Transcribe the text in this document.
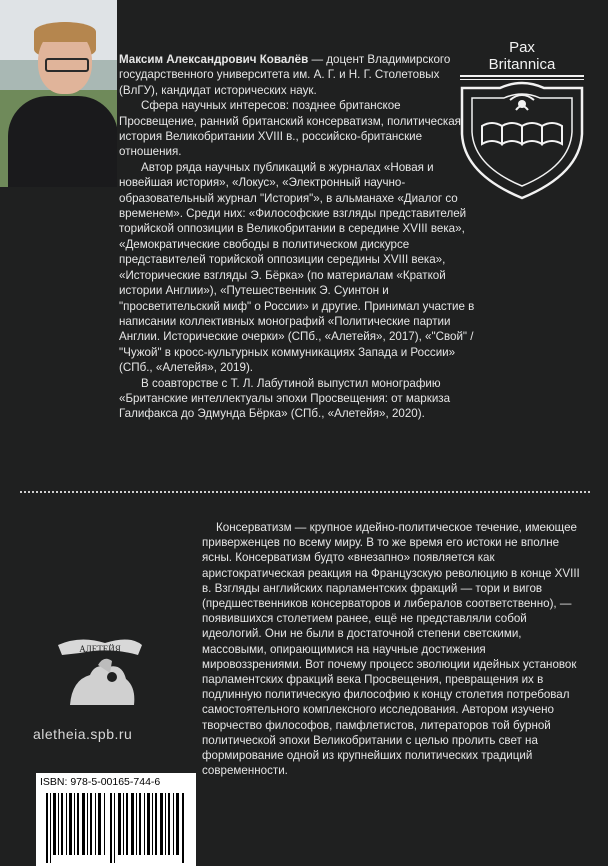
Максим Александрович Ковалёв — доцент Владимирского государственного университета им. А. Г. и Н. Г. Столетовых (ВлГУ), кандидат исторических наук.

Сфера научных интересов: позднее британское Просвещение, ранний британский консерватизм, политическая история Великобритании XVIII в., российско-британские отношения.

Автор ряда научных публикаций в журналах «Новая и новейшая история», «Локус», «Электронный научно-образовательный журнал "История"», в альманахе «Диалог со временем». Среди них: «Философские взгляды представителей торийской оппозиции в Великобритании в середине XVIII века», «Демократические свободы в политическом дискурсе представителей торийской оппозиции середины XVIII века», «Исторические взгляды Э. Бёрка» (по материалам «Краткой истории Англии»), «Путешественник Э. Суинтон и "просветительский миф" о России» и другие. Принимал участие в написании коллективных монографий «Политические партии Англии. Исторические очерки» (СПб., «Алетейя», 2017), «"Свой" / "Чужой" в кросс-культурных коммуникациях Запада и России» (СПб., «Алетейя», 2019).

В соавторстве с Т. Л. Лабутиной выпустил монографию «Британские интеллектуалы эпохи Просвещения: от маркиза Галифакса до Эдмунда Бёрка» (СПб., «Алетейя», 2020).

Pax
Britannica

Консерватизм — крупное идейно-политическое течение, имеющее приверженцев по всему миру. В то же время его истоки не вполне ясны. Консерватизм будто «внезапно» появляется как аристократическая реакция на Французскую революцию в конце XVIII в. Взгляды английских парламентских фракций — тори и вигов (предшественников консерваторов и либералов соответственно), — появившихся столетием ранее, ещё не представляли собой идеологий. Они не были в достаточной степени светскими, массовыми, опирающимися на научные достижения мировоззрениями. Вот почему процесс эволюции идейных установок парламентских фракций века Просвещения, превращения их в подлинную политическую философию к концу столетия потребовал самостоятельного комплексного исследования. Автором изучено творчество философов, памфлетистов, литераторов той бурной политической эпохи Великобритании с целью пролить свет на формирование одной из крупнейших политических традиций современности.

АЛЕТЕЙЯ
aletheia.spb.ru
ISBN: 978-5-00165-744-6
